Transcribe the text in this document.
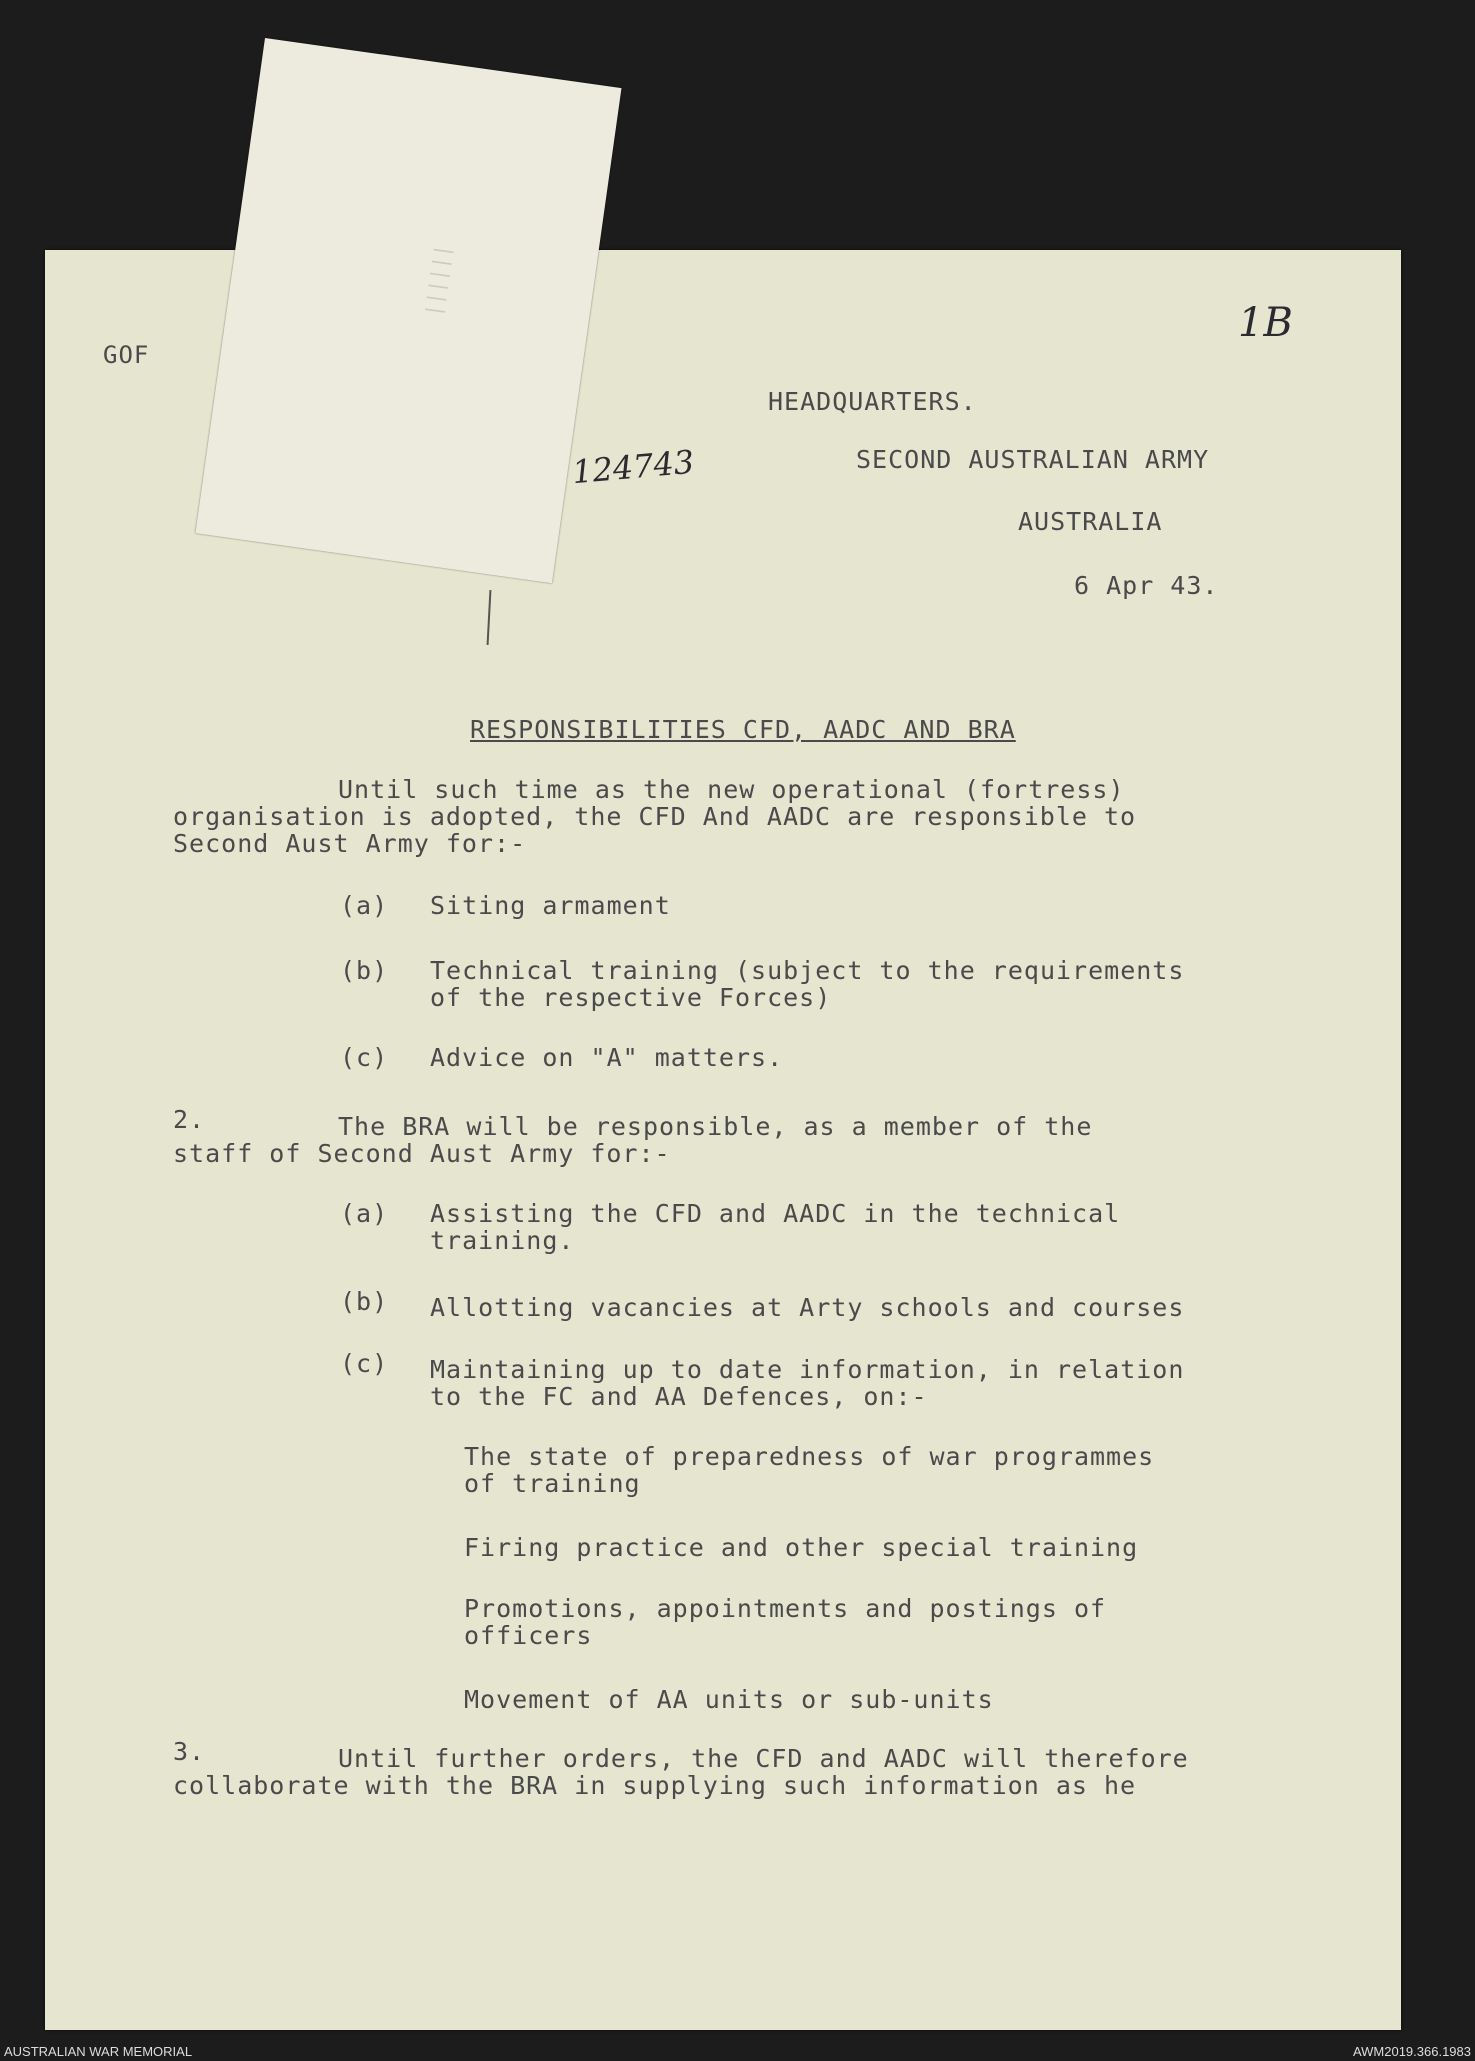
||||||
GOF
1B
124743
HEADQUARTERS.
SECOND AUSTRALIAN ARMY
AUSTRALIA
6 Apr 43.
RESPONSIBILITIES CFD, AADC AND BRA
Until such time as the new operational (fortress)
organisation is adopted, the CFD And AADC are responsible to
Second Aust Army for:-
(a) Siting armament
(b) Technical training (subject to the requirements
of the respective Forces)
(c) Advice on "A" matters.
2.	The BRA will be responsible, as a member of the
staff of Second Aust Army for:-
(a) Assisting the CFD and AADC in the technical
training.
(b) Allotting vacancies at Arty schools and courses
(c) Maintaining up to date information, in relation
to the FC and AA Defences, on:-
The state of preparedness of war programmes
of training
Firing practice and other special training
Promotions, appointments and postings of
officers
Movement of AA units or sub-units
3.	Until further orders, the CFD and AADC will therefore
collaborate with the BRA in supplying such information as he
AUSTRALIAN WAR MEMORIAL	AWM2019.366.1983
